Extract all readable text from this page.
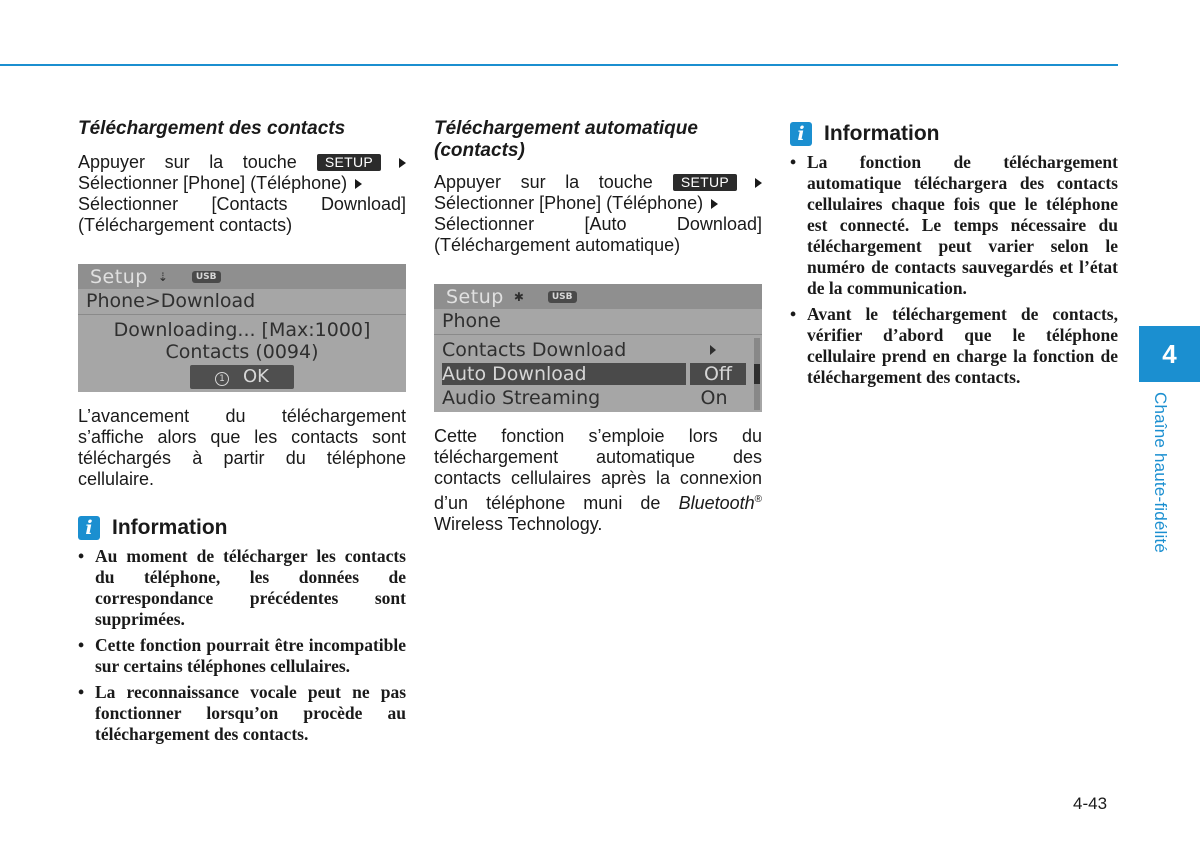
Téléchargement des contacts
Appuyer sur la touche	SETUP
Sélectionner [Phone] (Téléphone)
Sélectionner [Contacts Download]
(Téléchargement contacts)
Setup ⇣	USB
Phone>Download
Downloading... [Max:1000]
Contacts (0094)
1 OK

L’avancement du téléchargement s’affiche alors que les contacts sont téléchargés à partir du téléphone cellulaire.

i Information
• Au moment de télécharger les contacts du téléphone, les données de correspondance précédentes sont supprimées.
• Cette fonction pourrait être incompatible sur certains téléphones cellulaires.
• La reconnaissance vocale peut ne pas fonctionner lorsqu’on procède au téléchargement des contacts.
Téléchargement automatique (contacts)
Appuyer sur la touche	SETUP
Sélectionner [Phone] (Téléphone)
Sélectionner	[Auto	Download]
(Téléchargement automatique)
Setup ✱	USB
Phone
Contacts Download
Auto Download	Off
Audio Streaming	On

Cette fonction s’emploie lors du téléchargement automatique des contacts cellulaires après la connexion d’un téléphone muni de Bluetooth® Wireless Technology.

i Information
• La fonction de téléchargement automatique téléchargera des contacts cellulaires chaque fois que le téléphone est connecté. Le temps nécessaire du téléchargement peut varier selon le numéro de contacts sauvegardés et l’état de la communication.
• Avant le téléchargement de contacts, vérifier d’abord que le téléphone cellulaire prend en charge la fonction de téléchargement des contacts.
4
Chaîne haute-fidélité
4-43
